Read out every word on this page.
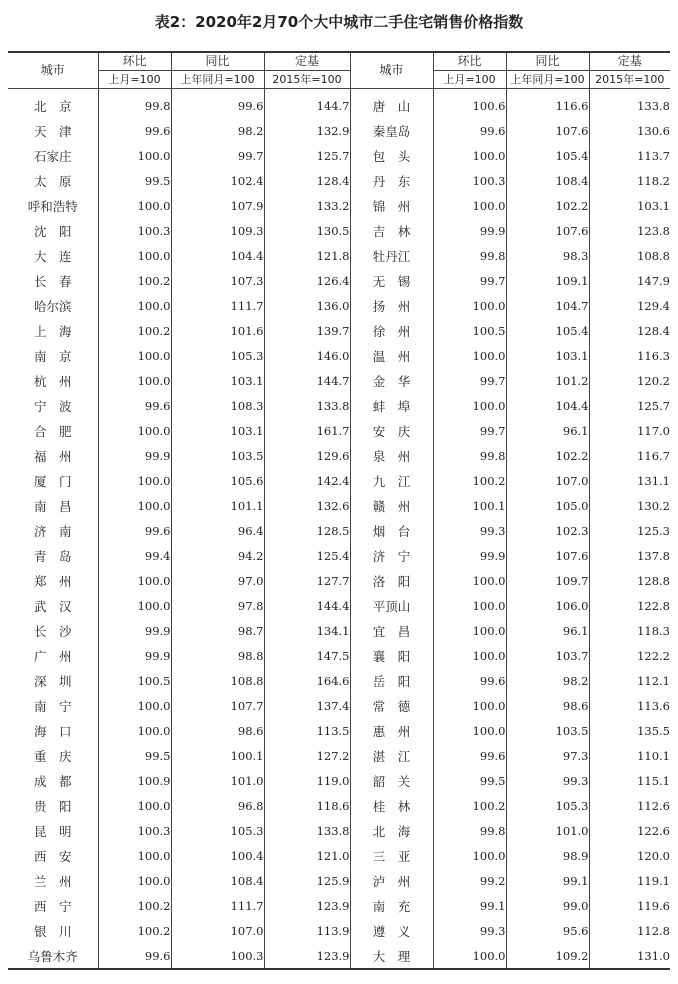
表2：2020年2月70个大中城市二手住宅销售价格指数
城市	环比	同比	定基	城市	环比	同比	定基
	上月=100	上年同月=100	2015年=100		上月=100	上年同月=100	2015年=100
北　京	99.8	99.6	144.7	唐　山	100.6	116.6	133.8
天　津	99.6	98.2	132.9	秦皇岛	99.6	107.6	130.6
石家庄	100.0	99.7	125.7	包　头	100.0	105.4	113.7
太　原	99.5	102.4	128.4	丹　东	100.3	108.4	118.2
呼和浩特	100.0	107.9	133.2	锦　州	100.0	102.2	103.1
沈　阳	100.3	109.3	130.5	吉　林	99.9	107.6	123.8
大　连	100.0	104.4	121.8	牡丹江	99.8	98.3	108.8
长　春	100.2	107.3	126.4	无　锡	99.7	109.1	147.9
哈尔滨	100.0	111.7	136.0	扬　州	100.0	104.7	129.4
上　海	100.2	101.6	139.7	徐　州	100.5	105.4	128.4
南　京	100.0	105.3	146.0	温　州	100.0	103.1	116.3
杭　州	100.0	103.1	144.7	金　华	99.7	101.2	120.2
宁　波	99.6	108.3	133.8	蚌　埠	100.0	104.4	125.7
合　肥	100.0	103.1	161.7	安　庆	99.7	96.1	117.0
福　州	99.9	103.5	129.6	泉　州	99.8	102.2	116.7
厦　门	100.0	105.6	142.4	九　江	100.2	107.0	131.1
南　昌	100.0	101.1	132.6	赣　州	100.1	105.0	130.2
济　南	99.6	96.4	128.5	烟　台	99.3	102.3	125.3
青　岛	99.4	94.2	125.4	济　宁	99.9	107.6	137.8
郑　州	100.0	97.0	127.7	洛　阳	100.0	109.7	128.8
武　汉	100.0	97.8	144.4	平顶山	100.0	106.0	122.8
长　沙	99.9	98.7	134.1	宜　昌	100.0	96.1	118.3
广　州	99.9	98.8	147.5	襄　阳	100.0	103.7	122.2
深　圳	100.5	108.8	164.6	岳　阳	99.6	98.2	112.1
南　宁	100.0	107.7	137.4	常　德	100.0	98.6	113.6
海　口	100.0	98.6	113.5	惠　州	100.0	103.5	135.5
重　庆	99.5	100.1	127.2	湛　江	99.6	97.3	110.1
成　都	100.9	101.0	119.0	韶　关	99.5	99.3	115.1
贵　阳	100.0	96.8	118.6	桂　林	100.2	105.3	112.6
昆　明	100.3	105.3	133.8	北　海	99.8	101.0	122.6
西　安	100.0	100.4	121.0	三　亚	100.0	98.9	120.0
兰　州	100.0	108.4	125.9	泸　州	99.2	99.1	119.1
西　宁	100.2	111.7	123.9	南　充	99.1	99.0	119.6
银　川	100.2	107.0	113.9	遵　义	99.3	95.6	112.8
乌鲁木齐	99.6	100.3	123.9	大　理	100.0	109.2	131.0
